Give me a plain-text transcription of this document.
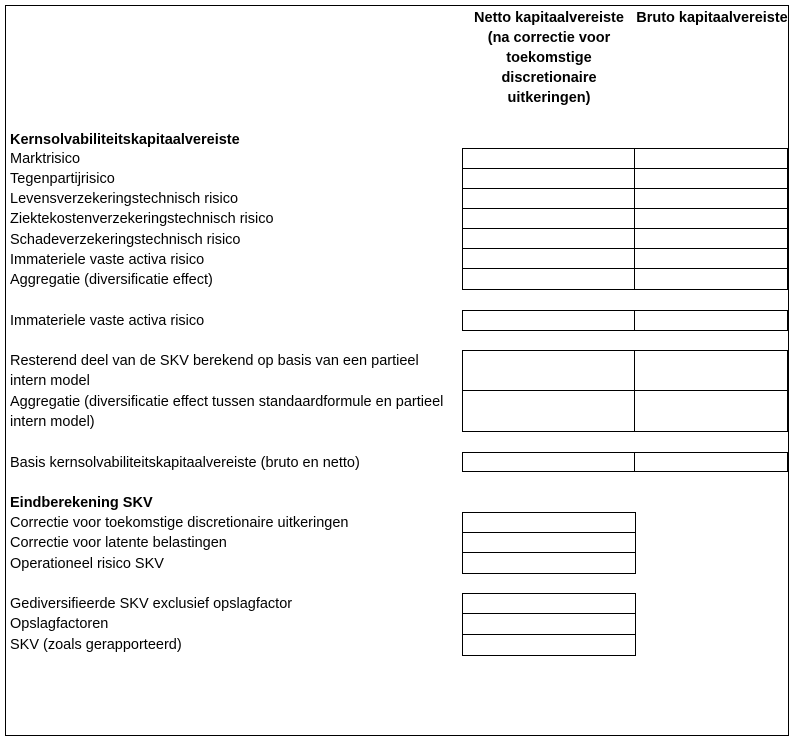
Netto kapitaalvereiste (na correctie voor toekomstige discretionaire uitkeringen)
Bruto kapitaalvereiste
Kernsolvabiliteitskapitaalvereiste
Marktrisico
Tegenpartijrisico
Levensverzekeringstechnisch risico
Ziektekostenverzekeringstechnisch risico
Schadeverzekeringstechnisch risico
Immateriele vaste activa risico
Aggregatie (diversificatie effect)
Immateriele vaste activa risico
Resterend deel van de SKV berekend op basis van een partieel intern model
Aggregatie (diversificatie effect tussen standaardformule en partieel intern model)
Basis kernsolvabiliteitskapitaalvereiste (bruto en netto)
Eindberekening SKV
Correctie voor toekomstige discretionaire uitkeringen
Correctie voor latente belastingen
Operationeel risico SKV
Gediversifieerde SKV exclusief opslagfactor
Opslagfactoren
SKV (zoals gerapporteerd)
